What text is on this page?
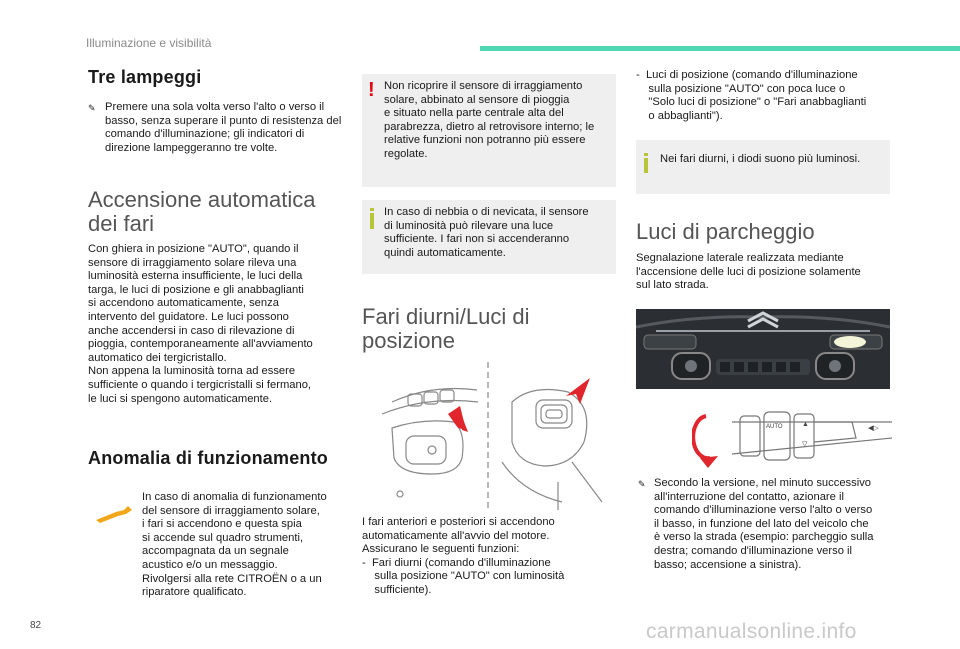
Illuminazione e visibilità
Tre lampeggi
✎ Premere una sola volta verso l'alto o verso il basso, senza superare il punto di resistenza del comando d'illuminazione; gli indicatori di direzione lampeggeranno tre volte.
Accensione automatica
dei fari
Con ghiera in posizione "AUTO", quando il
sensore di irraggiamento solare rileva una
luminosità esterna insufficiente, le luci della
targa, le luci di posizione e gli anabbaglianti
si accendono automaticamente, senza
intervento del guidatore. Le luci possono
anche accendersi in caso di rilevazione di
pioggia, contemporaneamente all'avviamento
automatico dei tergicristallo.
Non appena la luminosità torna ad essere
sufficiente o quando i tergicristalli si fermano,
le luci si spengono automaticamente.
Anomalia di funzionamento
In caso di anomalia di funzionamento
del sensore di irraggiamento solare,
i fari si accendono e questa spia
si accende sul quadro strumenti,
accompagnata da un segnale
acustico e/o un messaggio.
Rivolgersi alla rete CITROËN o a un
riparatore qualificato.
! Non ricoprire il sensore di irraggiamento
solare, abbinato al sensore di pioggia
e situato nella parte centrale alta del
parabrezza, dietro al retrovisore interno; le
relative funzioni non potranno più essere
regolate.
In caso di nebbia o di nevicata, il sensore
di luminosità può rilevare una luce
sufficiente. I fari non si accenderanno
quindi automaticamente.
Fari diurni/Luci di
posizione
I fari anteriori e posteriori si accendono
automaticamente all'avvio del motore.
Assicurano le seguenti funzioni:
-  Fari diurni (comando d'illuminazione
sulla posizione "AUTO" con luminosità
sufficiente).
-  Luci di posizione (comando d'illuminazione
sulla posizione "AUTO" con poca luce o
"Solo luci di posizione" o "Fari anabbaglianti
o abbaglianti").
Nei fari diurni, i diodi suono più luminosi.
Luci di parcheggio
Segnalazione laterale realizzata mediante
l'accensione delle luci di posizione solamente
sul lato strada.
AUTO	▲
▽
◀▷
✎ Secondo la versione, nel minuto successivo
all'interruzione del contatto, azionare il
comando d'illuminazione verso l'alto o verso
il basso, in funzione del lato del veicolo che
è verso la strada (esempio: parcheggio sulla
destra; comando d'illuminazione verso il
basso; accensione a sinistra).
82	carmanualsonline.info
